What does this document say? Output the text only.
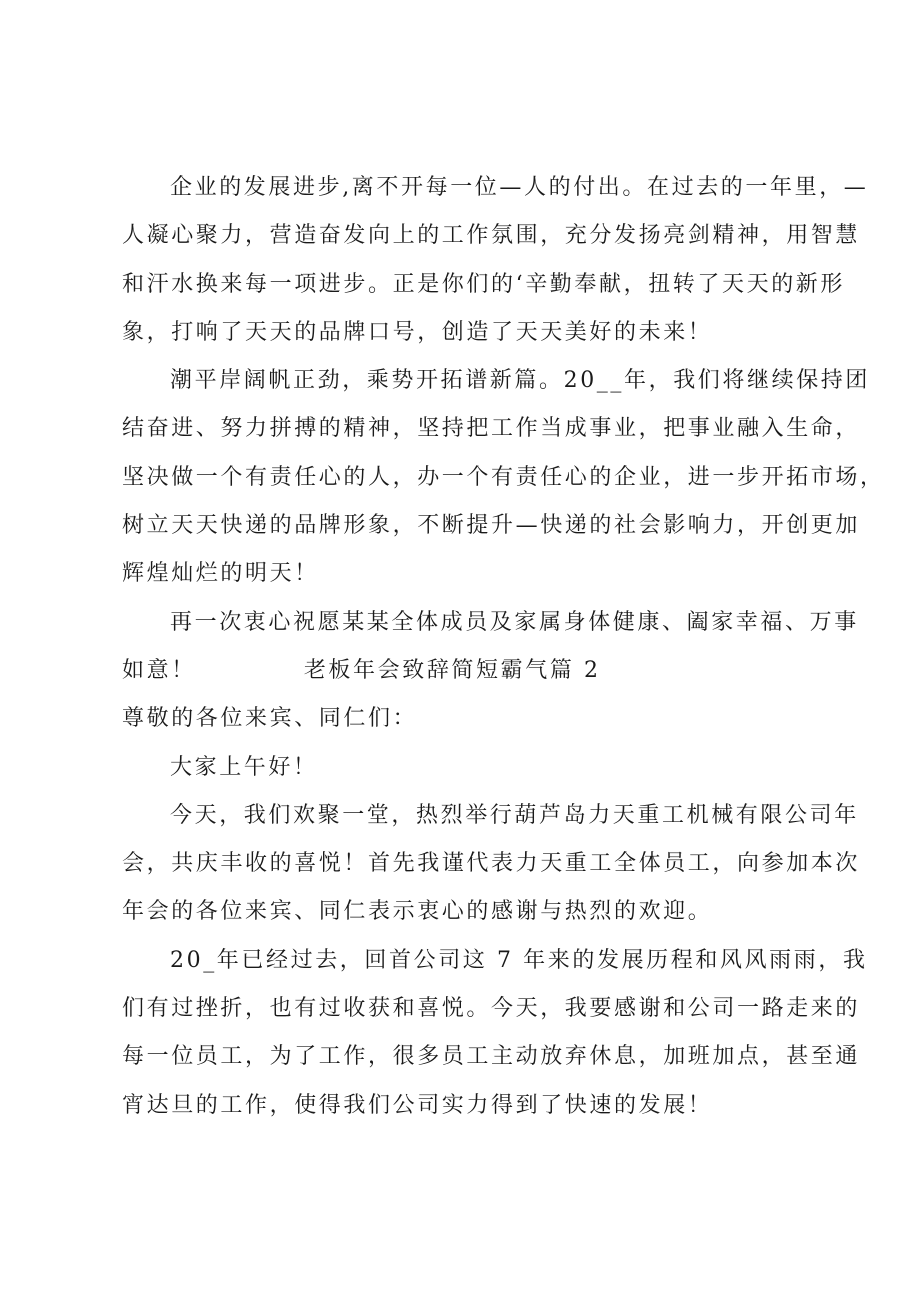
企业的发展进步,离不开每一位—人的付出。在过去的一年里，—
人凝心聚力，营造奋发向上的工作氛围，充分发扬亮剑精神，用智慧
和汗水换来每一项进步。正是你们的‘辛勤奉献，扭转了天天的新形
象，打响了天天的品牌口号，创造了天天美好的未来！
潮平岸阔帆正劲，乘势开拓谱新篇。20__年，我们将继续保持团
结奋进、努力拼搏的精神，坚持把工作当成事业，把事业融入生命，
坚决做一个有责任心的人，办一个有责任心的企业，进一步开拓市场，
树立天天快递的品牌形象，不断提升—快递的社会影响力，开创更加
辉煌灿烂的明天！
再一次衷心祝愿某某全体成员及家属身体健康、阖家幸福、万事
如意！	老板年会致辞简短霸气篇 2
尊敬的各位来宾、同仁们：
大家上午好！
今天，我们欢聚一堂，热烈举行葫芦岛力天重工机械有限公司年
会，共庆丰收的喜悦！首先我谨代表力天重工全体员工，向参加本次
年会的各位来宾、同仁表示衷心的感谢与热烈的欢迎。
20_年已经过去，回首公司这 7 年来的发展历程和风风雨雨，我
们有过挫折，也有过收获和喜悦。今天，我要感谢和公司一路走来的
每一位员工，为了工作，很多员工主动放弃休息，加班加点，甚至通
宵达旦的工作，使得我们公司实力得到了快速的发展！
